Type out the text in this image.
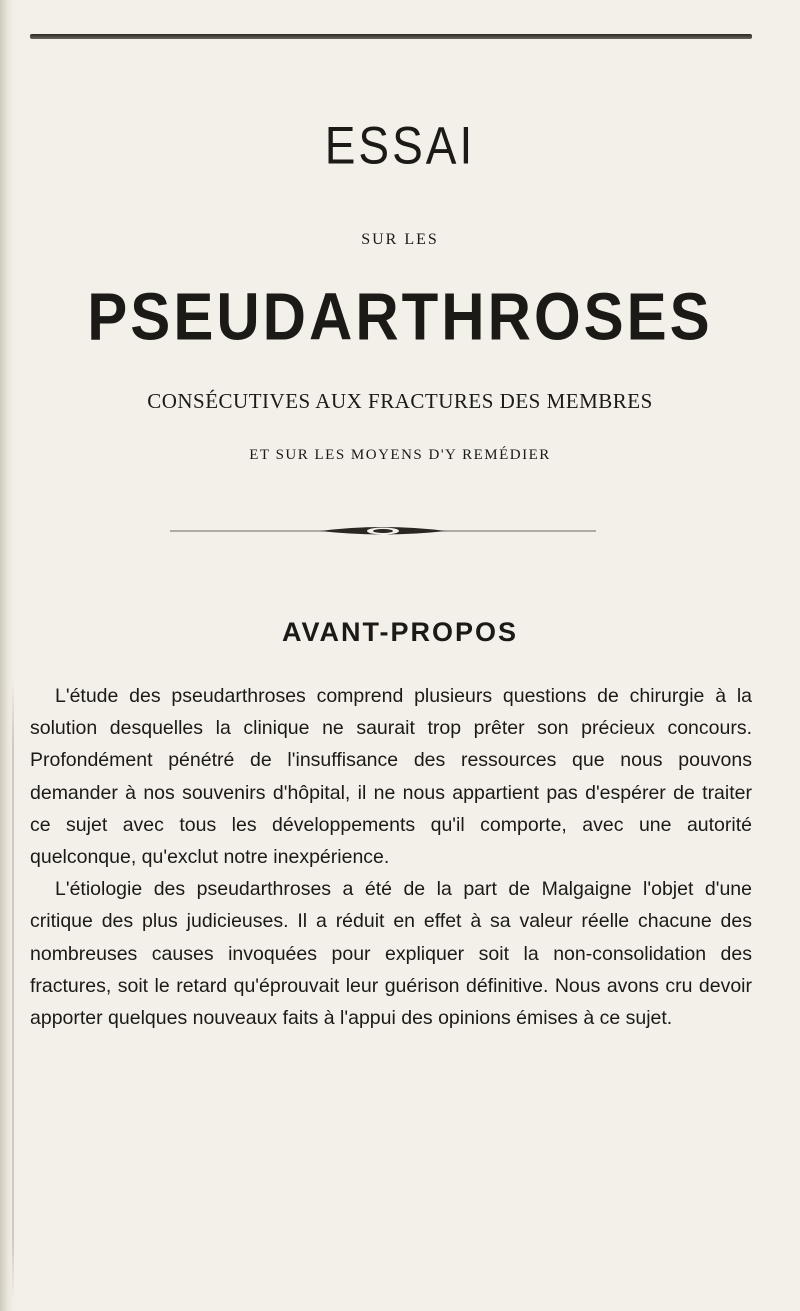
ESSAI
SUR LES
PSEUDARTHROSES
CONSÉCUTIVES AUX FRACTURES DES MEMBRES
ET SUR LES MOYENS D'Y REMÉDIER
AVANT-PROPOS

L'étude des pseudarthroses comprend plusieurs questions de chirurgie à la solution desquelles la clinique ne saurait trop prêter son précieux concours. Profondément pénétré de l'insuffisance des ressources que nous pouvons demander à nos souvenirs d'hôpital, il ne nous appartient pas d'espérer de traiter ce sujet avec tous les développements qu'il comporte, avec une autorité quelconque, qu'exclut notre inexpérience.

L'étiologie des pseudarthroses a été de la part de Malgaigne l'objet d'une critique des plus judicieuses. Il a réduit en effet à sa valeur réelle chacune des nombreuses causes invoquées pour expliquer soit la non-consolidation des fractures, soit le retard qu'éprouvait leur guérison définitive. Nous avons cru devoir apporter quelques nouveaux faits à l'appui des opinions émises à ce sujet.
